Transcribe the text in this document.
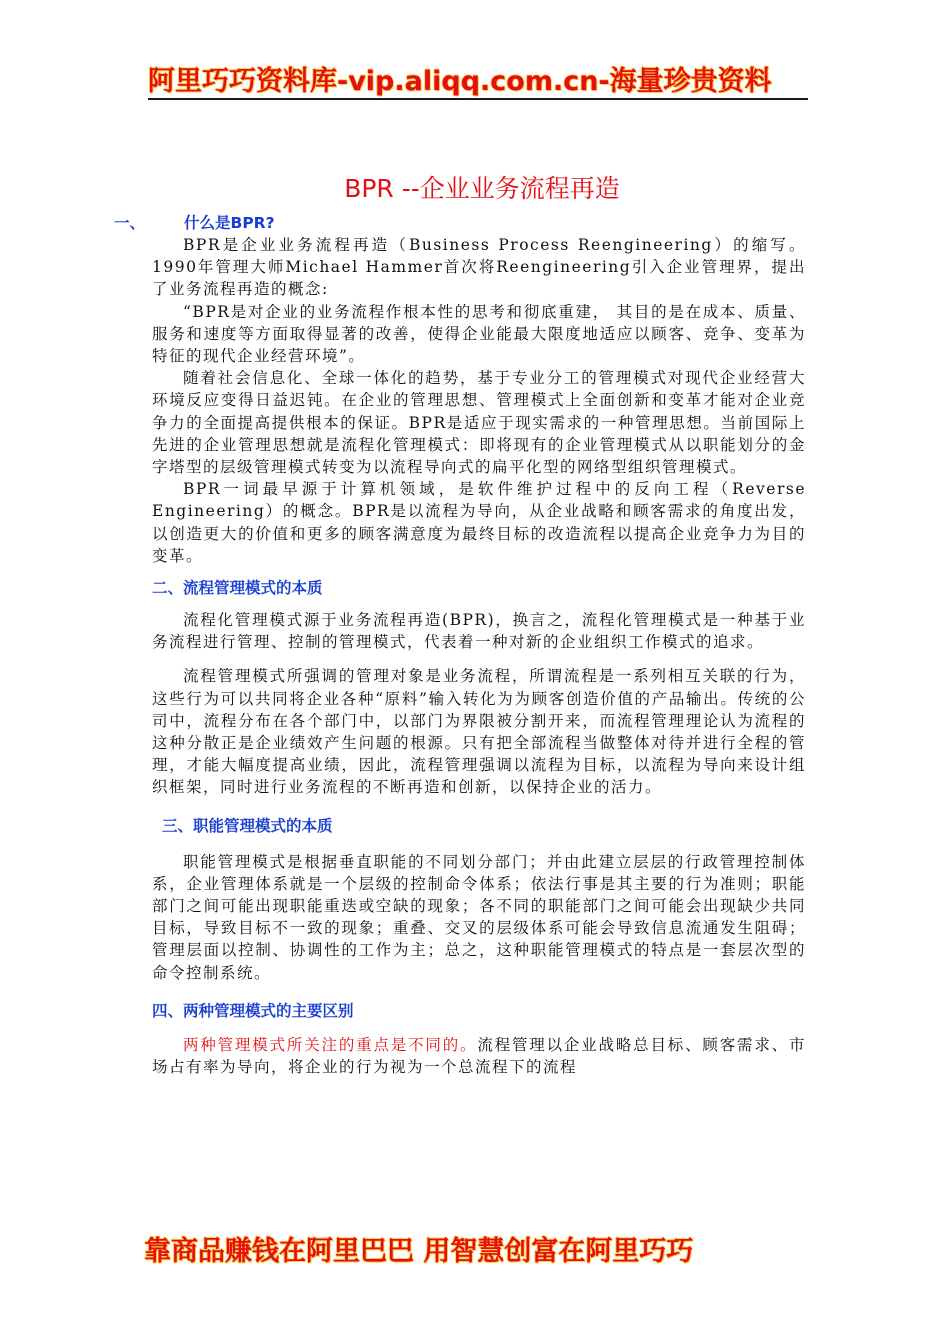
阿里巧巧资料库-vip.aliqq.com.cn-海量珍贵资料
BPR --企业业务流程再造
一、	什么是BPR?

BPR是企业业务流程再造（Business Process Reengineering）的缩写。1990年管理大师Michael Hammer首次将Reengineering引入企业管理界，提出了业务流程再造的概念:

“BPR是对企业的业务流程作根本性的思考和彻底重建， 其目的是在成本、质量、服务和速度等方面取得显著的改善，使得企业能最大限度地适应以顾客、竞争、变革为特征的现代企业经营环境”。

随着社会信息化、全球一体化的趋势，基于专业分工的管理模式对现代企业经营大环境反应变得日益迟钝。在企业的管理思想、管理模式上全面创新和变革才能对企业竞争力的全面提高提供根本的保证。BPR是适应于现实需求的一种管理思想。当前国际上先进的企业管理思想就是流程化管理模式：即将现有的企业管理模式从以职能划分的金字塔型的层级管理模式转变为以流程导向式的扁平化型的网络型组织管理模式。

BPR一词最早源于计算机领域，是软件维护过程中的反向工程（Reverse Engineering）的概念。BPR是以流程为导向，从企业战略和顾客需求的角度出发，以创造更大的价值和更多的顾客满意度为最终目标的改造流程以提高企业竞争力为目的变革。

二、流程管理模式的本质

流程化管理模式源于业务流程再造(BPR)，换言之，流程化管理模式是一种基于业务流程进行管理、控制的管理模式，代表着一种对新的企业组织工作模式的追求。

流程管理模式所强调的管理对象是业务流程，所谓流程是一系列相互关联的行为，这些行为可以共同将企业各种“原料”输入转化为为顾客创造价值的产品输出。传统的公司中，流程分布在各个部门中，以部门为界限被分割开来，而流程管理理论认为流程的这种分散正是企业绩效产生问题的根源。只有把全部流程当做整体对待并进行全程的管理，才能大幅度提高业绩，因此，流程管理强调以流程为目标，以流程为导向来设计组织框架，同时进行业务流程的不断再造和创新，以保持企业的活力。

三、职能管理模式的本质

职能管理模式是根据垂直职能的不同划分部门；并由此建立层层的行政管理控制体系，企业管理体系就是一个层级的控制命令体系；依法行事是其主要的行为准则；职能部门之间可能出现职能重迭或空缺的现象；各不同的职能部门之间可能会出现缺少共同目标，导致目标不一致的现象；重叠、交叉的层级体系可能会导致信息流通发生阻碍；管理层面以控制、协调性的工作为主；总之，这种职能管理模式的特点是一套层次型的命令控制系统。

四、两种管理模式的主要区别

两种管理模式所关注的重点是不同的。流程管理以企业战略总目标、顾客需求、市场占有率为导向，将企业的行为视为一个总流程下的流程

靠商品赚钱在阿里巴巴 用智慧创富在阿里巧巧
